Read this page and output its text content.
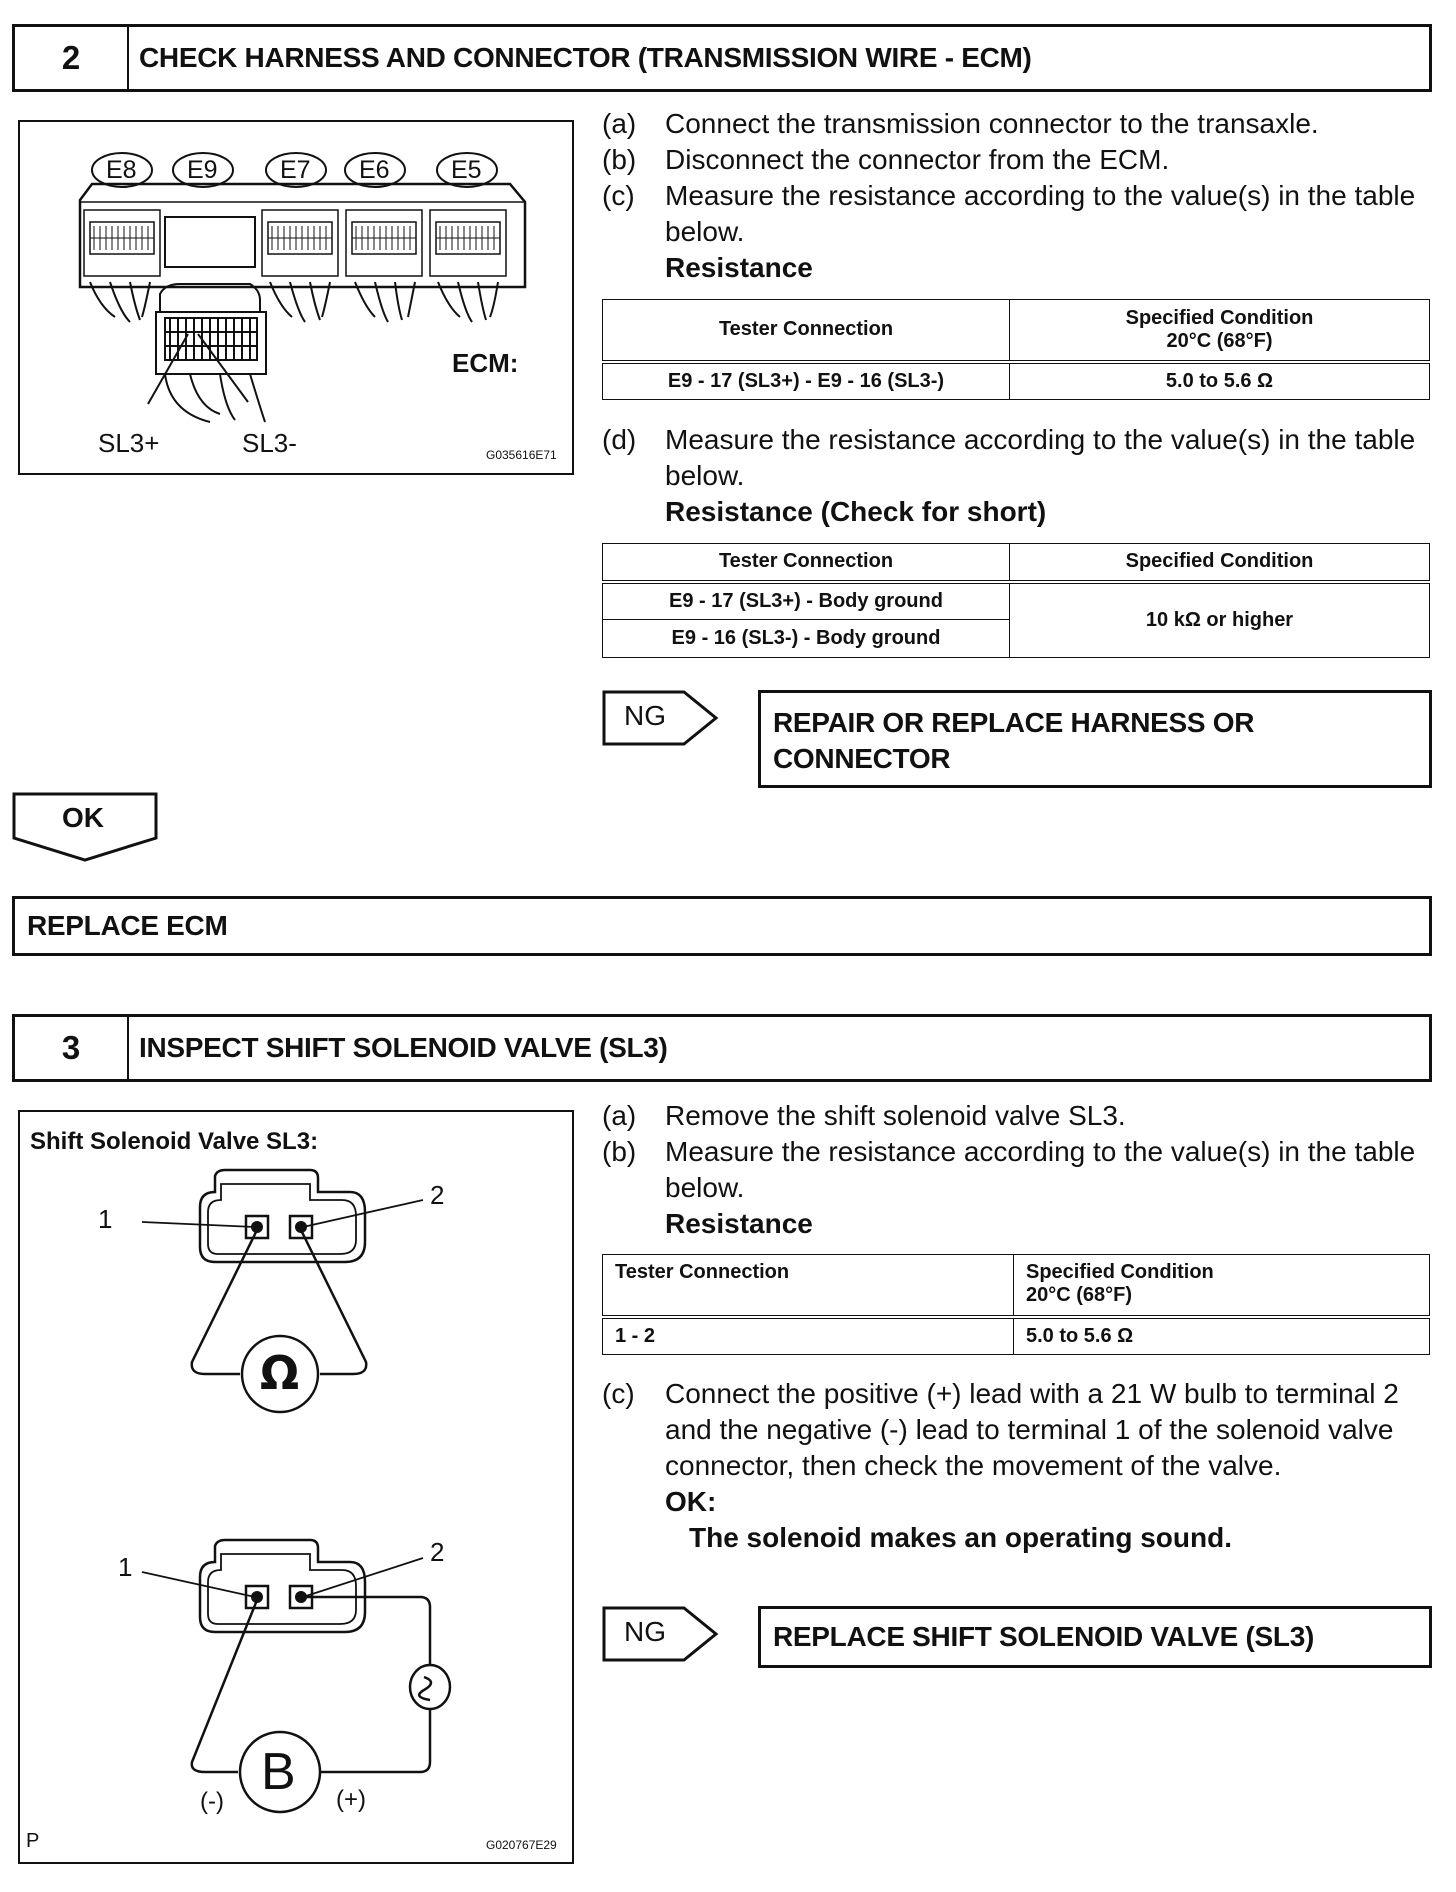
2	CHECK HARNESS AND CONNECTOR (TRANSMISSION WIRE - ECM)
E8 E9 E7 E6 E5
ECM:
SL3+	SL3-	G035616E71
(a)	Connect the transmission connector to the transaxle.
(b)	Disconnect the connector from the ECM.
(c)	Measure the resistance according to the value(s) in the table below.
Resistance
Tester Connection	Specified Condition
20°C (68°F)

E9 - 17 (SL3+) - E9 - 16 (SL3-)	5.0 to 5.6 Ω
(d)	Measure the resistance according to the value(s) in the table below.
Resistance (Check for short)
Tester Connection	Specified Condition
E9 - 17 (SL3+) - Body ground	10 kΩ or higher
E9 - 16 (SL3-) - Body ground	
NG	REPAIR OR REPLACE HARNESS OR
CONNECTOR
OK
REPLACE ECM
3	INSPECT SHIFT SOLENOID VALVE (SL3)
Shift Solenoid Valve SL3:
1
2
Ω
1	2
B
(-)	(+)
P	G020767E29
(a)	Remove the shift solenoid valve SL3.
(b)	Measure the resistance according to the value(s) in the table below.
Resistance
Tester Connection	Specified Condition
20°C (68°F)

1 - 2	5.0 to 5.6 Ω
(c)	Connect the positive (+) lead with a 21 W bulb to terminal 2 and the negative (-) lead to terminal 1 of the solenoid valve connector, then check the movement of the valve.
OK:
The solenoid makes an operating sound.
NG	REPLACE SHIFT SOLENOID VALVE (SL3)
